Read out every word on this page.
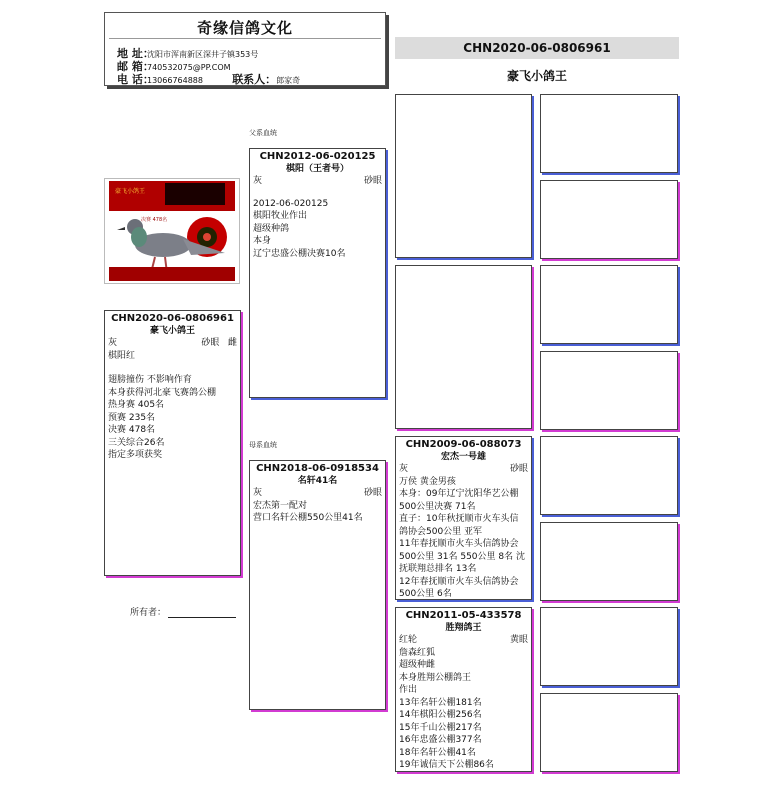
奇缘信鸽文化
地 址：沈阳市浑南新区深井子镇353号
邮 箱：740532075@PP.COM
电 话：13066764888	联系人：郎家奇
CHN2020-06-0806961
豪飞小鸽王
父系血统
母系血统
豪飞小鸽王
决赛 478名
CHN2020-06-0806961
豪飞小鸽王
灰	砂眼 雌
棋阳红
翅膀撞伤 不影响作育
本身获得河北豪飞赛鸽公棚
热身赛 405名
预赛 235名
决赛 478名
三关综合26名
指定多项获奖
所有者：
CHN2012-06-020125
棋阳（王者号）
灰	砂眼
2012-06-020125
棋阳牧业作出
超级种鸽
本身
辽宁忠盛公棚决赛10名
CHN2018-06-0918534
名轩41名
灰	砂眼
宏杰第一配对
营口名轩公棚550公里41名
CHN2009-06-088073
宏杰一号雄
灰	砂眼
万侯 黄金男孩
本身：09年辽宁沈阳华艺公棚
500公里决赛 71名
直子：10年秋抚顺市火车头信
鸽协会500公里 亚军
11年春抚顺市火车头信鸽协会
500公里 31名 550公里 8名 沈
抚联翔总排名 13名
12年春抚顺市火车头信鸽协会
500公里 6名
CHN2011-05-433578
胜翔鸽王
红轮	黄眼
詹森红狐
超级种雌
本身胜翔公棚鸽王
作出
13年名轩公棚181名
14年棋阳公棚256名
15年千山公棚217名
16年忠盛公棚377名
18年名轩公棚41名
19年诚信天下公棚86名
